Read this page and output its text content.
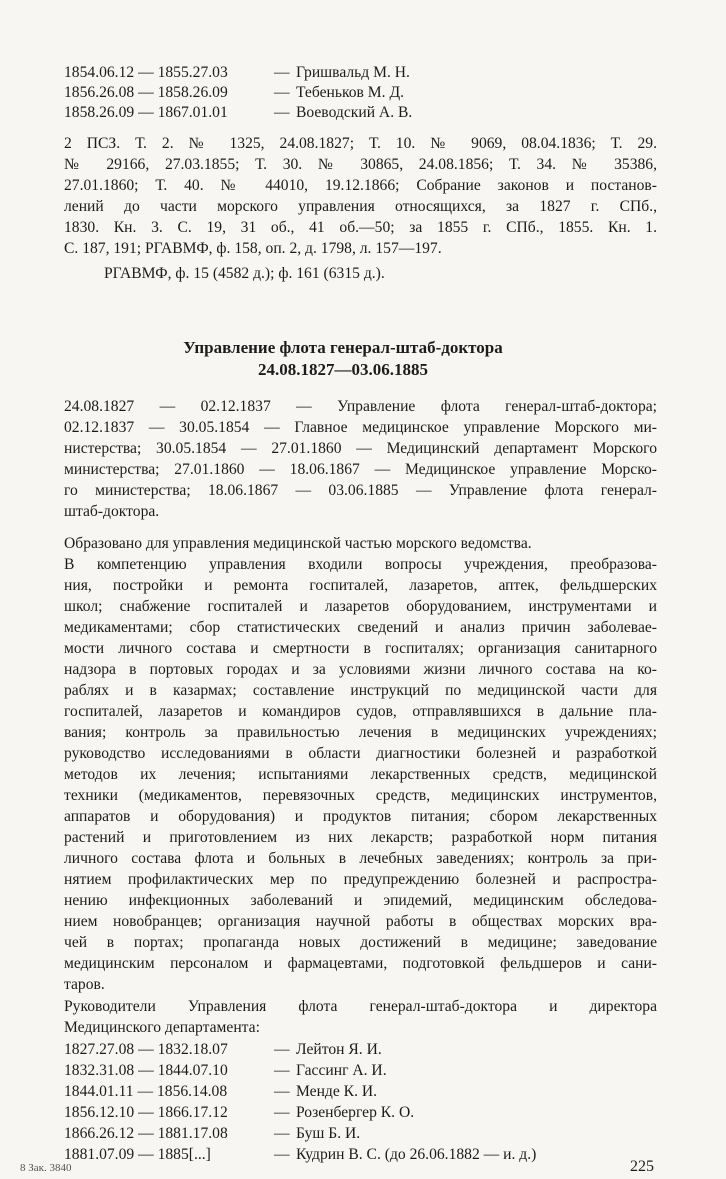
1854.06.12 — 1855.27.03	— Гришвальд М. Н.
1856.26.08 — 1858.26.09	— Тебеньков М. Д.
1858.26.09 — 1867.01.01	— Воеводский А. В.
2 ПСЗ. Т. 2. № 1325, 24.08.1827; Т. 10. № 9069, 08.04.1836; Т. 29.
№ 29166, 27.03.1855; Т. 30. № 30865, 24.08.1856; Т. 34. № 35386,
27.01.1860; Т. 40. № 44010, 19.12.1866; Собрание законов и постанов-
лений до части морского управления относящихся, за 1827 г. СПб.,
1830. Кн. 3. С. 19, 31 об., 41 об.—50; за 1855 г. СПб., 1855. Кн. 1.
С. 187, 191; РГАВМФ, ф. 158, оп. 2, д. 1798, л. 157—197.
РГАВМФ, ф. 15 (4582 д.); ф. 161 (6315 д.).
Управление флота генерал-штаб-доктора
24.08.1827—03.06.1885
24.08.1827 — 02.12.1837 — Управление флота генерал-штаб-доктора;
02.12.1837 — 30.05.1854 — Главное медицинское управление Морского ми-
нистерства; 30.05.1854 — 27.01.1860 — Медицинский департамент Морского
министерства; 27.01.1860 — 18.06.1867 — Медицинское управление Морско-
го министерства; 18.06.1867 — 03.06.1885 — Управление флота генерал-
штаб-доктора.
Образовано для управления медицинской частью морского ведомства.
В компетенцию управления входили вопросы учреждения, преобразова-
ния, постройки и ремонта госпиталей, лазаретов, аптек, фельдшерских
школ; снабжение госпиталей и лазаретов оборудованием, инструментами и
медикаментами; сбор статистических сведений и анализ причин заболевае-
мости личного состава и смертности в госпиталях; организация санитарного
надзора в портовых городах и за условиями жизни личного состава на ко-
раблях и в казармах; составление инструкций по медицинской части для
госпиталей, лазаретов и командиров судов, отправлявшихся в дальние пла-
вания; контроль за правильностью лечения в медицинских учреждениях;
руководство исследованиями в области диагностики болезней и разработкой
методов их лечения; испытаниями лекарственных средств, медицинской
техники (медикаментов, перевязочных средств, медицинских инструментов,
аппаратов и оборудования) и продуктов питания; сбором лекарственных
растений и приготовлением из них лекарств; разработкой норм питания
личного состава флота и больных в лечебных заведениях; контроль за при-
нятием профилактических мер по предупреждению болезней и распростра-
нению инфекционных заболеваний и эпидемий, медицинским обследова-
нием новобранцев; организация научной работы в обществах морских вра-
чей в портах; пропаганда новых достижений в медицине; заведование
медицинским персоналом и фармацевтами, подготовкой фельдшеров и сани-
таров.
Руководители Управления флота генерал-штаб-доктора и директора
Медицинского департамента:
1827.27.08 — 1832.18.07	— Лейтон Я. И.
1832.31.08 — 1844.07.10	— Гассинг А. И.
1844.01.11 — 1856.14.08	— Менде К. И.
1856.12.10 — 1866.17.12	— Розенбергер К. О.
1866.26.12 — 1881.17.08	— Буш Б. И.
1881.07.09 — 1885[...]	— Кудрин В. С. (до 26.06.1882 — и. д.)
8 Зак. 3840	225
